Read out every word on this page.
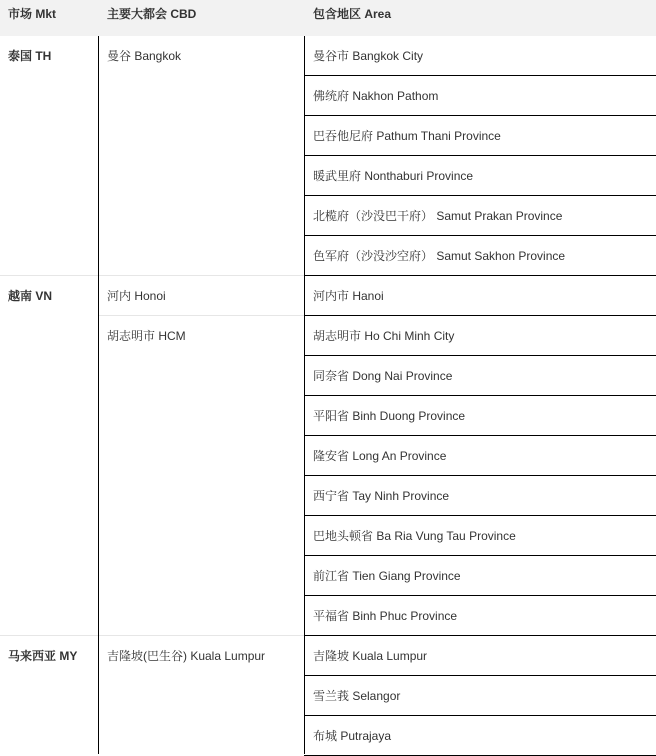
市场 Mkt	主要大都会 CBD	包含地区 Area
曼谷市 Bangkok City
佛统府 Nakhon Pathom
巴吞他尼府 Pathum Thani Province
暖武里府 Nonthaburi Province
北榄府（沙没巴干府） Samut Prakan Province
色军府（沙没沙空府） Samut Sakhon Province
曼谷 Bangkok
泰国 TH
河内市 Hanoi
河内 Honoi
胡志明市 Ho Chi Minh City
同奈省 Dong Nai Province
平阳省 Binh Duong Province
隆安省 Long An Province
西宁省 Tay Ninh Province
巴地头顿省 Ba Ria Vung Tau Province
前江省 Tien Giang Province
平福省 Binh Phuc Province
胡志明市 HCM
越南 VN
吉隆坡 Kuala Lumpur
雪兰莪 Selangor
布城 Putrajaya
吉隆坡(巴生谷) Kuala Lumpur
马来西亚 MY
